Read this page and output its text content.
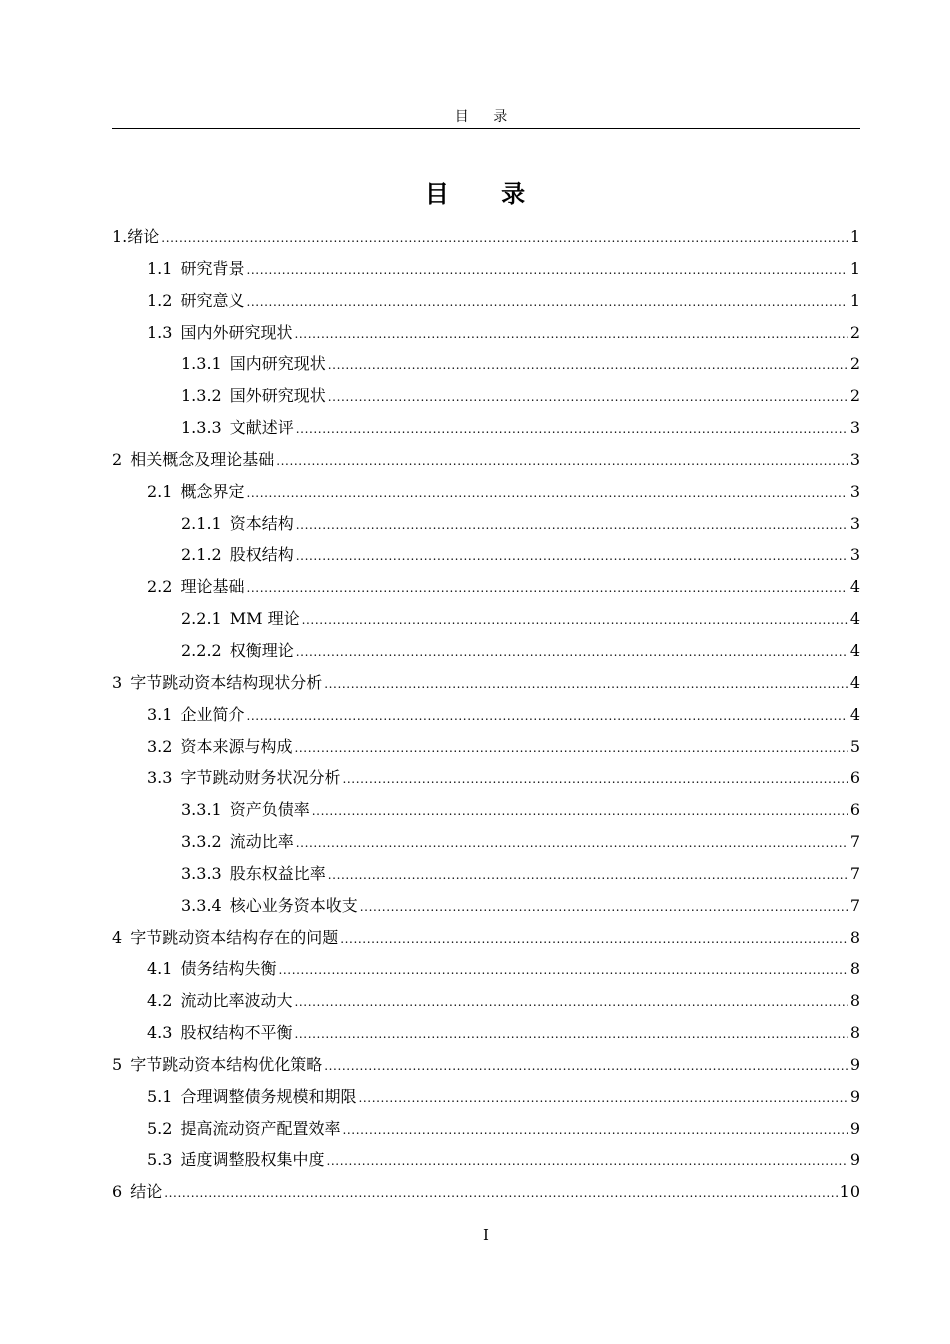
目 录
目 录
1.绪论 .....	1
1.1 研究背景 .....	1
1.2 研究意义 .....	1
1.3 国内外研究现状 .....	2
1.3.1 国内研究现状 .....	2
1.3.2 国外研究现状 .....	2
1.3.3 文献述评 .....	3
2 相关概念及理论基础 .....	3
2.1 概念界定 .....	3
2.1.1 资本结构 .....	3
2.1.2 股权结构 .....	3
2.2 理论基础 .....	4
2.2.1 MM 理论 .....	4
2.2.2 权衡理论 .....	4
3 字节跳动资本结构现状分析 .....	4
3.1 企业简介 .....	4
3.2 资本来源与构成 .....	5
3.3 字节跳动财务状况分析 .....	6
3.3.1 资产负债率 .....	6
3.3.2 流动比率 .....	7
3.3.3 股东权益比率 .....	7
3.3.4 核心业务资本收支 .....	7
4 字节跳动资本结构存在的问题 .....	8
4.1 债务结构失衡 .....	8
4.2 流动比率波动大 .....	8
4.3 股权结构不平衡 .....	8
5 字节跳动资本结构优化策略 .....	9
5.1 合理调整债务规模和期限 .....	9
5.2 提高流动资产配置效率 .....	9
5.3 适度调整股权集中度 .....	9
6 结论 .....	10
I
